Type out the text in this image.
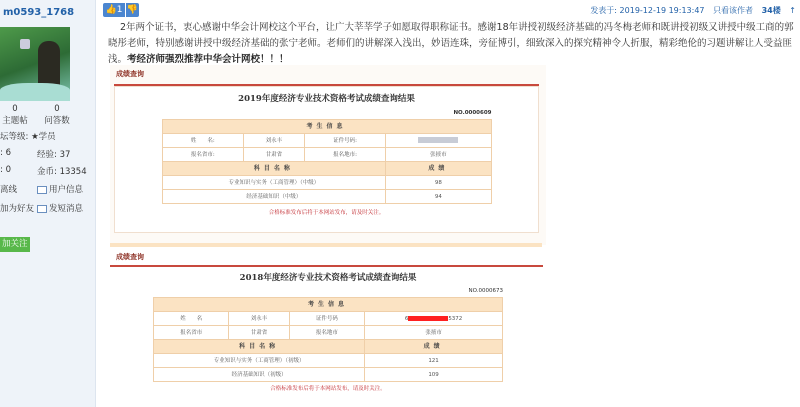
m0593_1768
0
主题帖
0
问答数
坛等级: ★学员
: 6	经验: 37
: 0	金币: 13354
离线	用户信息
加为好友	发短消息
加关注
👍1 👎	发表于: 2019-12-19 19:13:47 只看该作者 34楼 ↑
2年两个证书，衷心感谢中华会计网校这个平台，让广大莘莘学子如愿取得职称证书。感谢18年讲授初级经济基础的冯冬梅老师和既讲授初级又讲授中级工商的郭晓彤老师，特别感谢讲授中级经济基础的张宁老师。老师们的讲解深入浅出，妙语连珠，旁征博引，细致深入的探究精神令人折服，精彩绝伦的习题讲解让人受益匪浅。考经济师强烈推荐中华会计网校！！！
成绩查询
2019年度经济专业技术资格考试成绩查询结果
NO.0000609
考生信息
姓　　名:	刘永丰	证件号码:	
报名省市:	甘肃省	报名地市:	张掖市
科目名称	成绩
专业知识与实务（工商管理）（中级）	98
经济基础知识（中级）	94
合格标准发布后将于本网站发布，请及时关注。
成绩查询
2018年度经济专业技术资格考试成绩查询结果
NO.0000673
考生信息
姓　　名	刘永丰	证件号码	6	5372
报名省市	甘肃省	报名地市	张掖市
科目名称	成绩
专业知识与实务（工商管理）（初级）	121
经济基础知识（初级）	109
合格标准发布后将于本网站发布，请及时关注。
